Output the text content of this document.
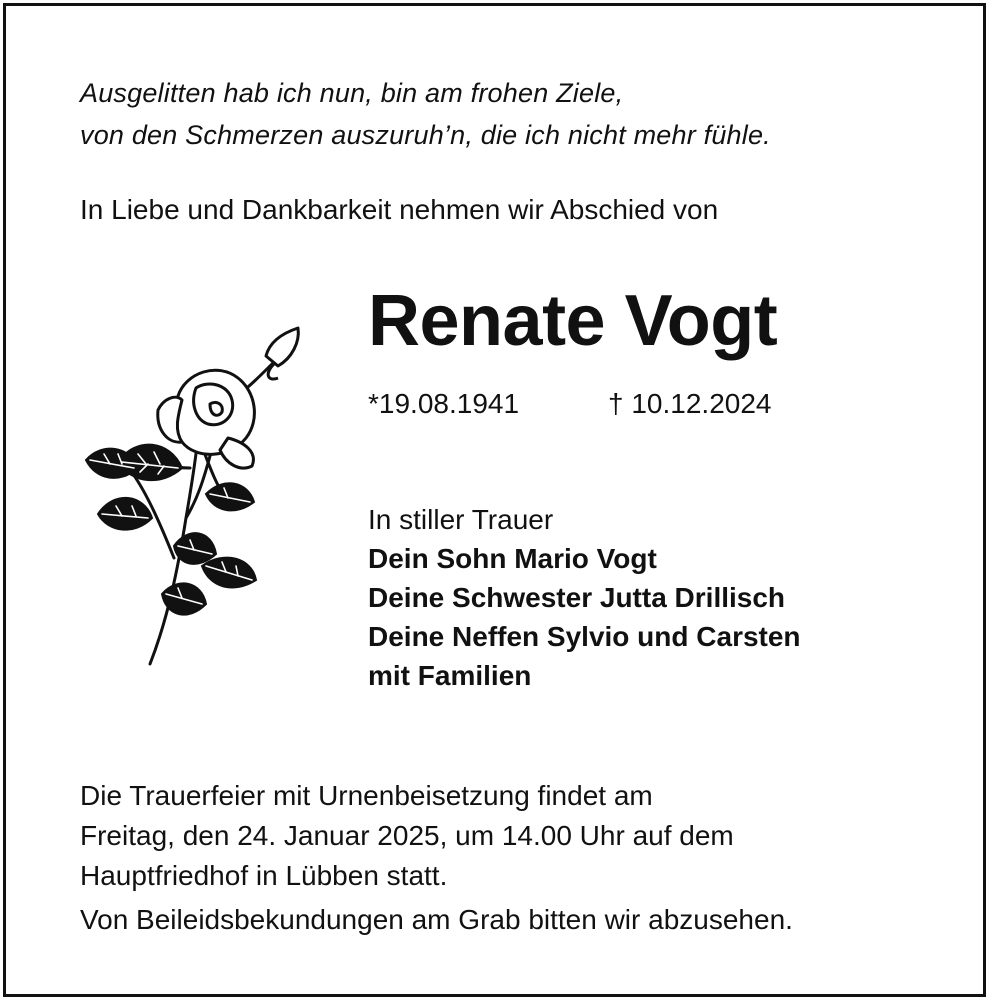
Ausgelitten hab ich nun, bin am frohen Ziele,
von den Schmerzen auszuruh’n, die ich nicht mehr fühle.
In Liebe und Dankbarkeit nehmen wir Abschied von
Renate Vogt
*19.08.1941	† 10.12.2024
In stiller Trauer
Dein Sohn Mario Vogt
Deine Schwester Jutta Drillisch
Deine Neffen Sylvio und Carsten
mit Familien
Die Trauerfeier mit Urnenbeisetzung findet am
Freitag, den 24. Januar 2025, um 14.00 Uhr auf dem
Hauptfriedhof in Lübben statt.
Von Beileidsbekundungen am Grab bitten wir abzusehen.
